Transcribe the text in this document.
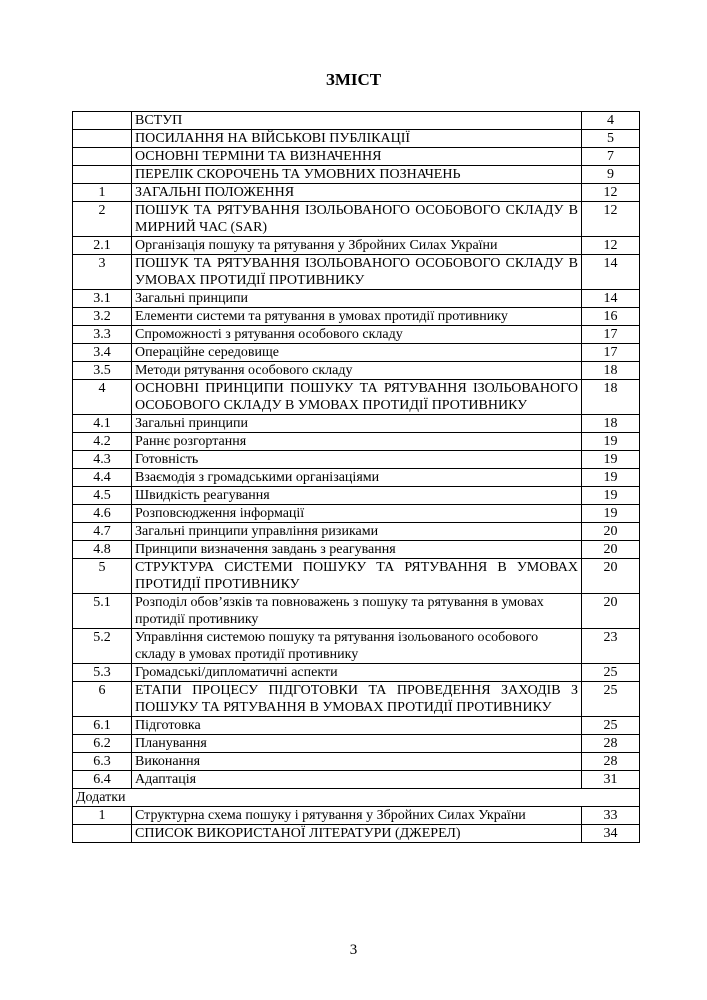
ЗМІСТ
	ВСТУП	4
	ПОСИЛАННЯ НА ВІЙСЬКОВІ ПУБЛІКАЦІЇ	5
	ОСНОВНІ ТЕРМІНИ ТА ВИЗНАЧЕННЯ	7
	ПЕРЕЛІК СКОРОЧЕНЬ ТА УМОВНИХ ПОЗНАЧЕНЬ	9
1	ЗАГАЛЬНІ ПОЛОЖЕННЯ	12
2	ПОШУК ТА РЯТУВАННЯ ІЗОЛЬОВАНОГО ОСОБОВОГО СКЛАДУ В МИРНИЙ ЧАС (SAR)	12
2.1	Організація пошуку та рятування у Збройних Силах України	12
3	ПОШУК ТА РЯТУВАННЯ ІЗОЛЬОВАНОГО ОСОБОВОГО СКЛАДУ В УМОВАХ ПРОТИДІЇ ПРОТИВНИКУ	14
3.1	Загальні принципи	14
3.2	Елементи системи та рятування в умовах протидії противнику	16
3.3	Спроможності з рятування особового складу	17
3.4	Операційне середовище	17
3.5	Методи рятування особового складу	18
4	ОСНОВНІ ПРИНЦИПИ ПОШУКУ ТА РЯТУВАННЯ ІЗОЛЬОВАНОГО ОСОБОВОГО СКЛАДУ В УМОВАХ ПРОТИДІЇ ПРОТИВНИКУ	18
4.1	Загальні принципи	18
4.2	Раннє розгортання	19
4.3	Готовність	19
4.4	Взаємодія з громадськими організаціями	19
4.5	Швидкість реагування	19
4.6	Розповсюдження інформації	19
4.7	Загальні принципи управління ризиками	20
4.8	Принципи визначення завдань з реагування	20
5	СТРУКТУРА СИСТЕМИ ПОШУКУ ТА РЯТУВАННЯ В УМОВАХ ПРОТИДІЇ ПРОТИВНИКУ	20
5.1	Розподіл обов’язків та повноважень з пошуку та рятування в умовах протидії противнику	20
5.2	Управління системою пошуку та рятування ізольованого особового складу в умовах протидії противнику	23
5.3	Громадські/дипломатичні аспекти	25
6	ЕТАПИ ПРОЦЕСУ ПІДГОТОВКИ ТА ПРОВЕДЕННЯ ЗАХОДІВ З ПОШУКУ ТА РЯТУВАННЯ В УМОВАХ ПРОТИДІЇ ПРОТИВНИКУ	25
6.1	Підготовка	25
6.2	Планування	28
6.3	Виконання	28
6.4	Адаптація	31
Додатки		
1	Структурна схема пошуку і рятування у Збройних Силах України	33
	СПИСОК ВИКОРИСТАНОЇ ЛІТЕРАТУРИ (ДЖЕРЕЛ)	34
3
